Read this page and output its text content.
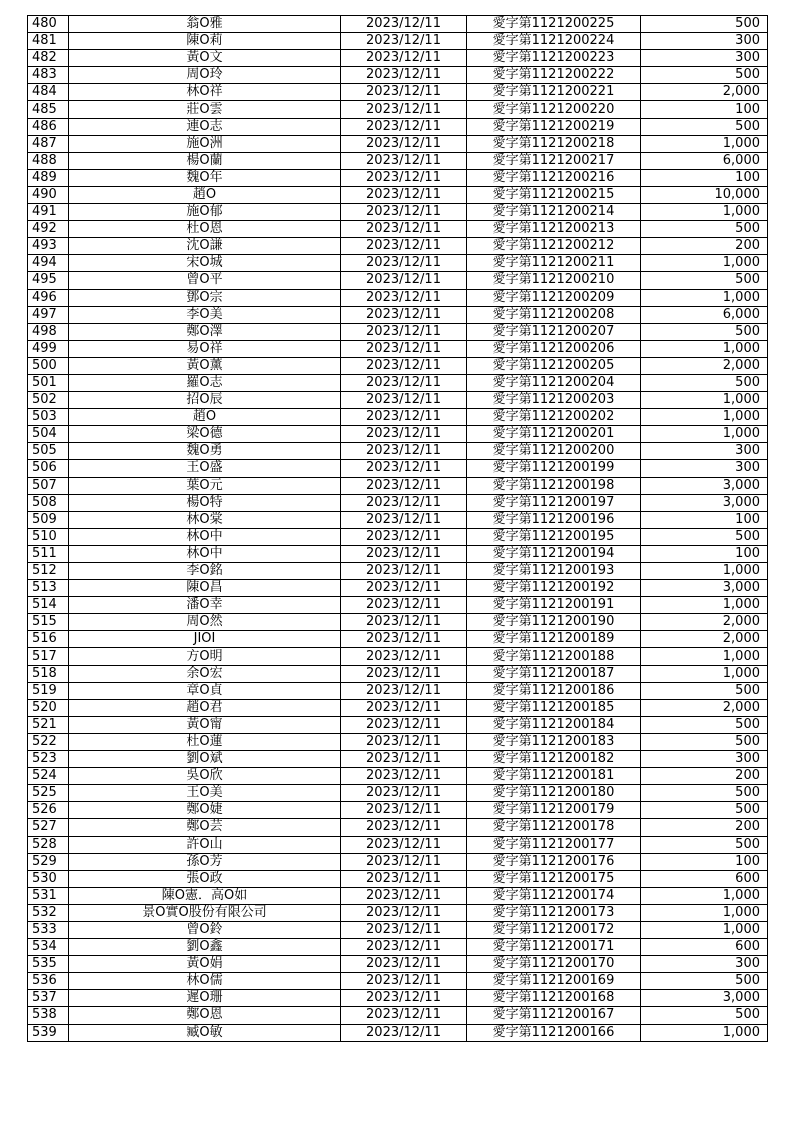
480	翁O雅	2023/12/11	愛字第1121200225	500
481	陳O莉	2023/12/11	愛字第1121200224	300
482	黃O文	2023/12/11	愛字第1121200223	300
483	周O玲	2023/12/11	愛字第1121200222	500
484	林O祥	2023/12/11	愛字第1121200221	2,000
485	莊O雲	2023/12/11	愛字第1121200220	100
486	連O志	2023/12/11	愛字第1121200219	500
487	施O洲	2023/12/11	愛字第1121200218	1,000
488	楊O蘭	2023/12/11	愛字第1121200217	6,000
489	魏O年	2023/12/11	愛字第1121200216	100
490	趙O	2023/12/11	愛字第1121200215	10,000
491	施O郁	2023/12/11	愛字第1121200214	1,000
492	杜O恩	2023/12/11	愛字第1121200213	500
493	沈O謙	2023/12/11	愛字第1121200212	200
494	宋O城	2023/12/11	愛字第1121200211	1,000
495	曾O平	2023/12/11	愛字第1121200210	500
496	鄧O宗	2023/12/11	愛字第1121200209	1,000
497	李O美	2023/12/11	愛字第1121200208	6,000
498	鄭O澤	2023/12/11	愛字第1121200207	500
499	易O祥	2023/12/11	愛字第1121200206	1,000
500	黃O薰	2023/12/11	愛字第1121200205	2,000
501	羅O志	2023/12/11	愛字第1121200204	500
502	招O辰	2023/12/11	愛字第1121200203	1,000
503	趙O	2023/12/11	愛字第1121200202	1,000
504	梁O德	2023/12/11	愛字第1121200201	1,000
505	魏O勇	2023/12/11	愛字第1121200200	300
506	王O盛	2023/12/11	愛字第1121200199	300
507	葉O元	2023/12/11	愛字第1121200198	3,000
508	楊O特	2023/12/11	愛字第1121200197	3,000
509	林O棠	2023/12/11	愛字第1121200196	100
510	林O中	2023/12/11	愛字第1121200195	500
511	林O中	2023/12/11	愛字第1121200194	100
512	李O銘	2023/12/11	愛字第1121200193	1,000
513	陳O昌	2023/12/11	愛字第1121200192	3,000
514	潘O幸	2023/12/11	愛字第1121200191	1,000
515	周O然	2023/12/11	愛字第1121200190	2,000
516	JIOI	2023/12/11	愛字第1121200189	2,000
517	方O明	2023/12/11	愛字第1121200188	1,000
518	余O宏	2023/12/11	愛字第1121200187	1,000
519	章O貞	2023/12/11	愛字第1121200186	500
520	趙O君	2023/12/11	愛字第1121200185	2,000
521	黃O甯	2023/12/11	愛字第1121200184	500
522	杜O蓮	2023/12/11	愛字第1121200183	500
523	劉O斌	2023/12/11	愛字第1121200182	300
524	吳O欣	2023/12/11	愛字第1121200181	200
525	王O美	2023/12/11	愛字第1121200180	500
526	鄭O婕	2023/12/11	愛字第1121200179	500
527	鄭O芸	2023/12/11	愛字第1121200178	200
528	許O山	2023/12/11	愛字第1121200177	500
529	孫O芳	2023/12/11	愛字第1121200176	100
530	張O政	2023/12/11	愛字第1121200175	600
531	陳O憲．高O如	2023/12/11	愛字第1121200174	1,000
532	景O實O股份有限公司	2023/12/11	愛字第1121200173	1,000
533	曾O鈴	2023/12/11	愛字第1121200172	1,000
534	劉O鑫	2023/12/11	愛字第1121200171	600
535	黃O娟	2023/12/11	愛字第1121200170	300
536	林O儒	2023/12/11	愛字第1121200169	500
537	遲O珊	2023/12/11	愛字第1121200168	3,000
538	鄭O恩	2023/12/11	愛字第1121200167	500
539	臧O敏	2023/12/11	愛字第1121200166	1,000
